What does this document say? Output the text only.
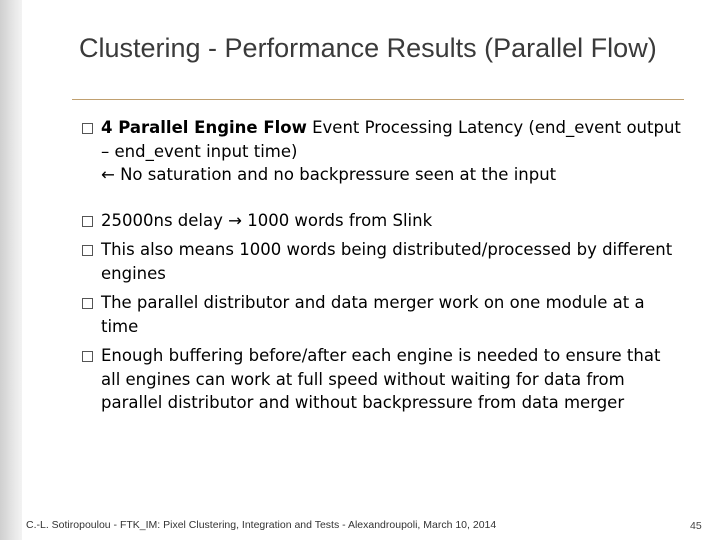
Clustering - Performance Results (Parallel Flow)
4 Parallel Engine Flow Event Processing Latency (end_event output – end_event input time)
← No saturation and no backpressure seen at the input
25000ns delay → 1000 words from Slink
This also means 1000 words being distributed/processed by different engines
The parallel distributor and data merger work on one module at a time
Enough buffering before/after each engine is needed to ensure that all engines can work at full speed without waiting for data from parallel distributor and without backpressure from data merger
C.-L. Sotiropoulou - FTK_IM: Pixel Clustering, Integration and Tests - Alexandroupoli, March 10, 2014	45
